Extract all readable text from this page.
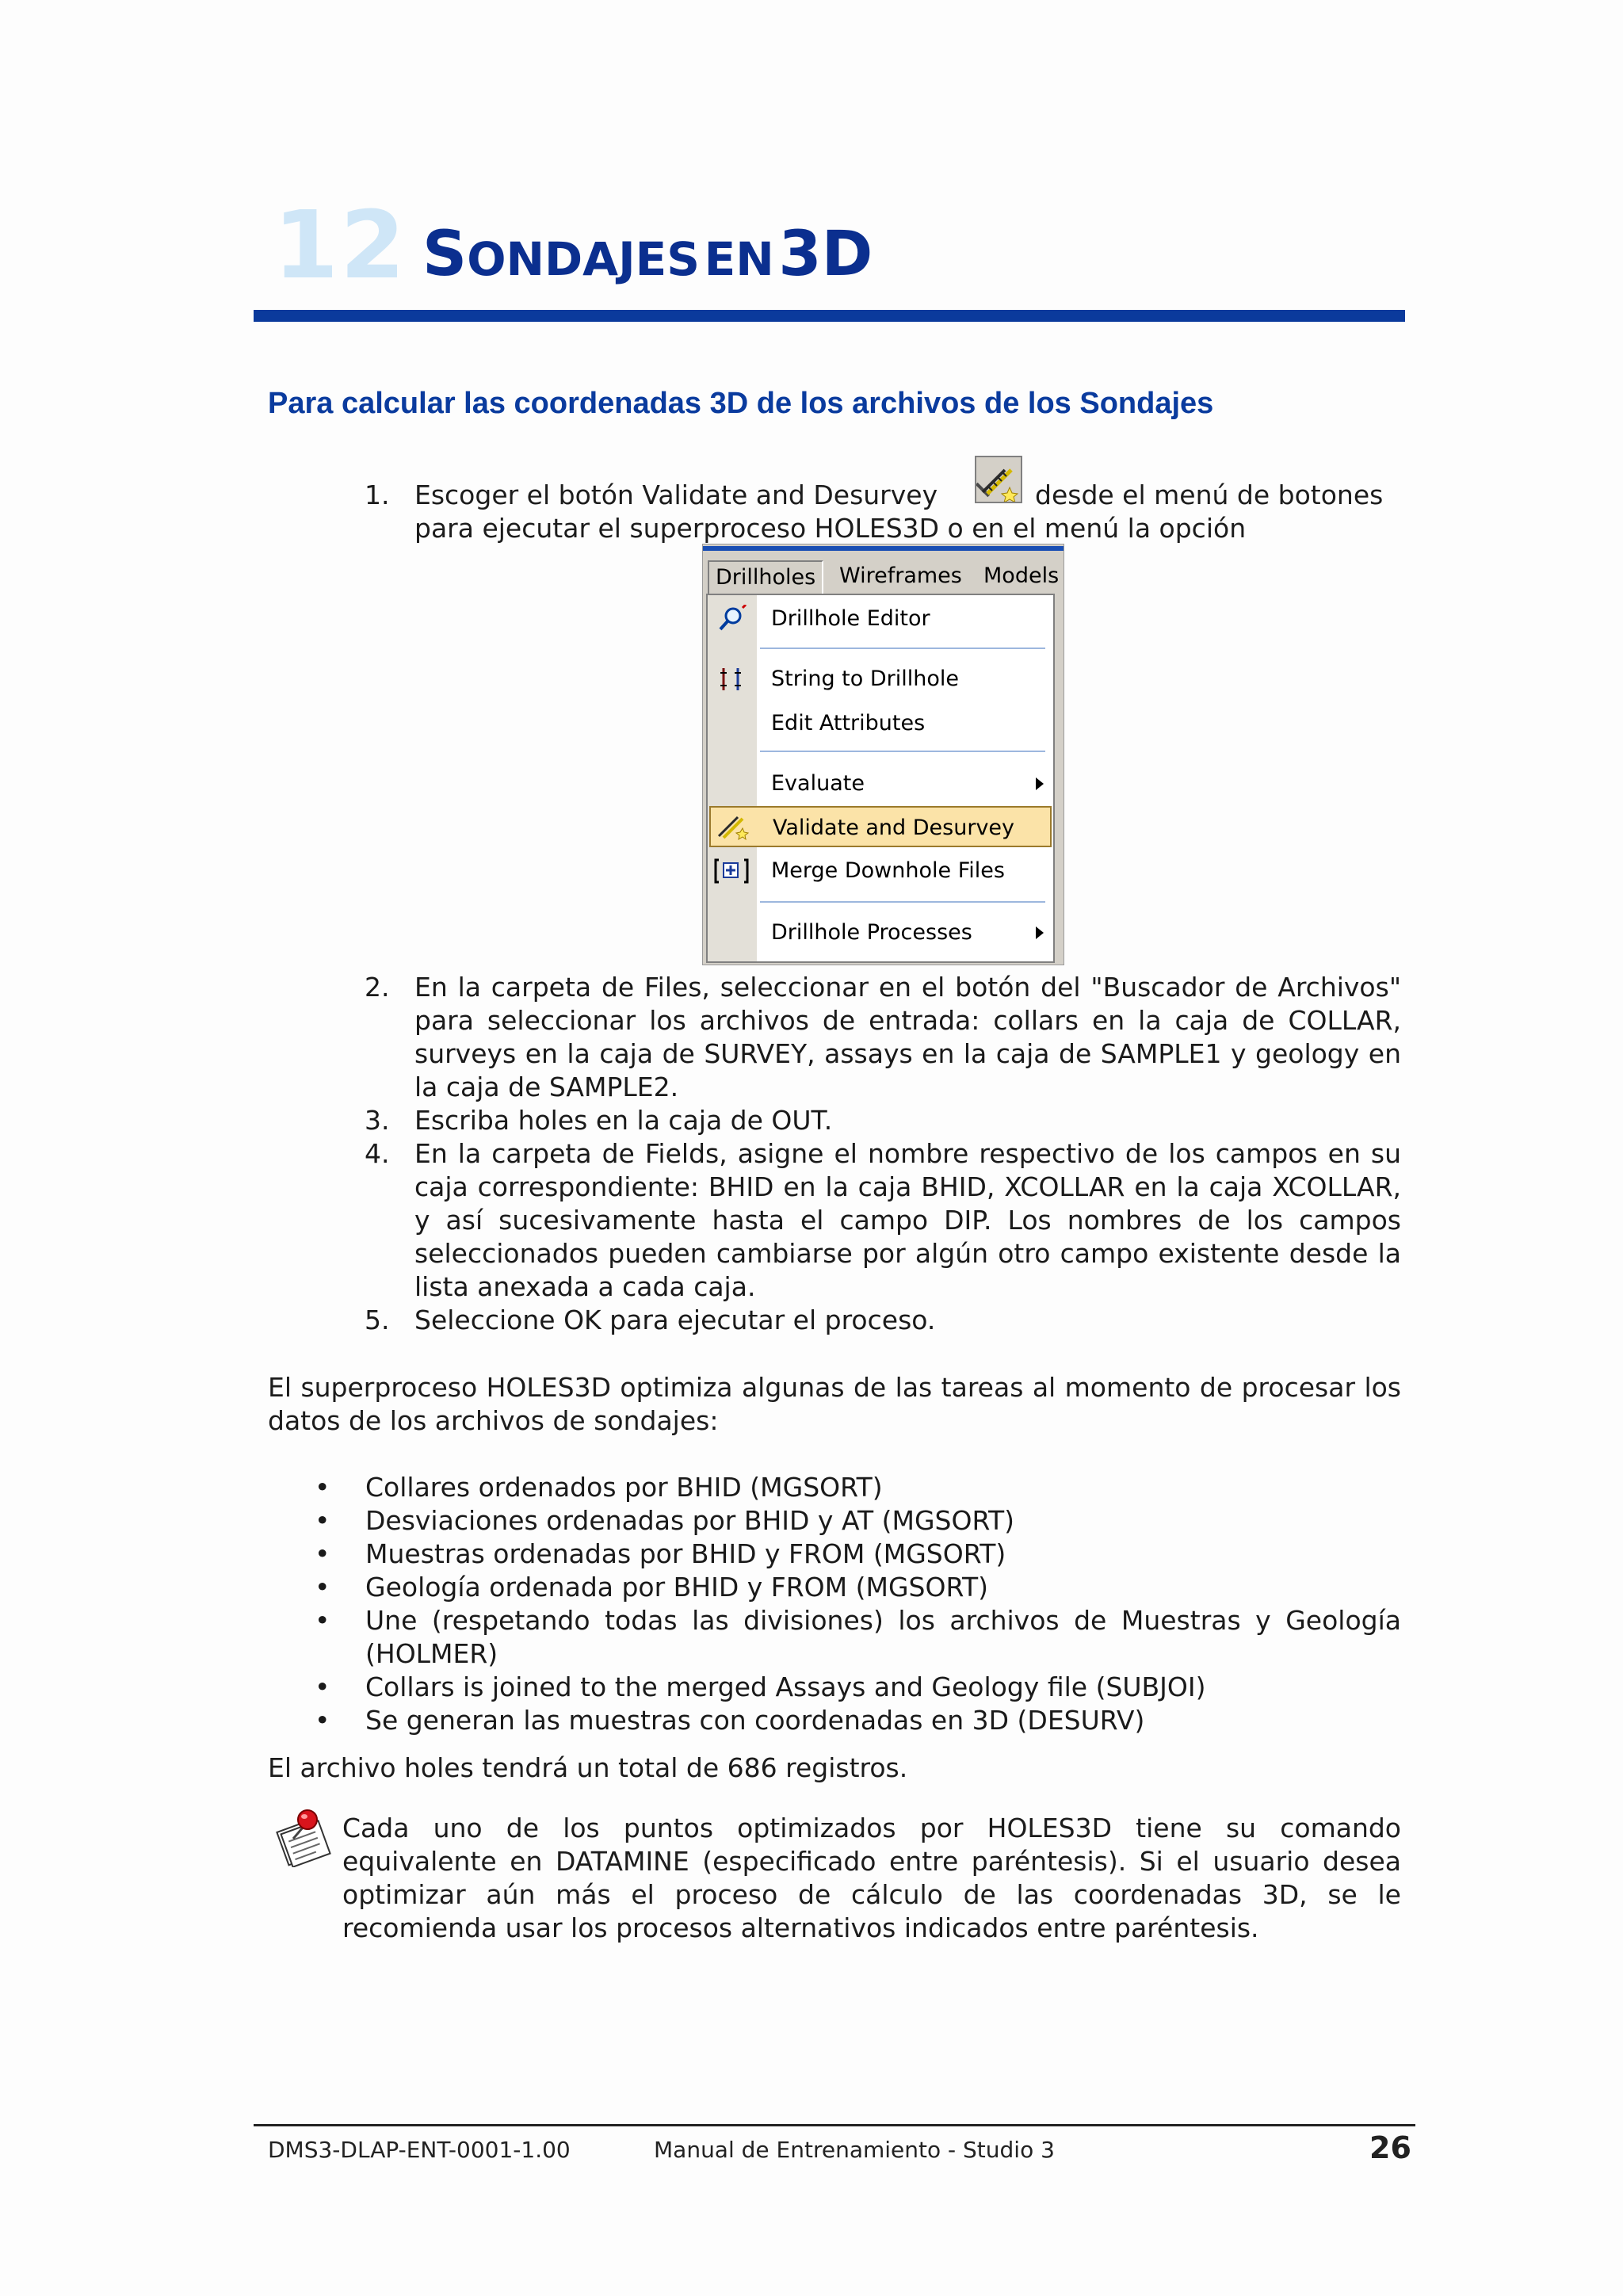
12 SONDAJES EN 3D
Para calcular las coordenadas 3D de los archivos de los Sondajes
1. Escoger el botón Validate and Desurvey	desde el menú de botones
para ejecutar el superproceso HOLES3D o en el menú la opción
Drillholes	Wireframes Models
Drillhole Editor
String to Drillhole
Edit Attributes
Evaluate
Validate and Desurvey
Merge Downhole Files
Drillhole Processes
2. En la carpeta de Files, seleccionar en el botón del "Buscador de Archivos" para seleccionar los archivos de entrada: collars en la caja de COLLAR, surveys en la caja de SURVEY, assays en la caja de SAMPLE1 y geology en la caja de SAMPLE2.
3. Escriba holes en la caja de OUT.
4. En la carpeta de Fields, asigne el nombre respectivo de los campos en su caja correspondiente: BHID en la caja BHID, XCOLLAR en la caja XCOLLAR, y así sucesivamente hasta el campo DIP. Los nombres de los campos seleccionados pueden cambiarse por algún otro campo existente desde la lista anexada a cada caja.
5. Seleccione OK para ejecutar el proceso.
El superproceso HOLES3D optimiza algunas de las tareas al momento de procesar los datos de los archivos de sondajes:
• Collares ordenados por BHID (MGSORT)
• Desviaciones ordenadas por BHID y AT (MGSORT)
• Muestras ordenadas por BHID y FROM (MGSORT)
• Geología ordenada por BHID y FROM (MGSORT)
• Une (respetando todas las divisiones) los archivos de Muestras y Geología (HOLMER)
• Collars is joined to the merged Assays and Geology file (SUBJOI)
• Se generan las muestras con coordenadas en 3D (DESURV)
El archivo holes tendrá un total de 686 registros.
Cada uno de los puntos optimizados por HOLES3D tiene su comando equivalente en DATAMINE (especificado entre paréntesis). Si el usuario desea optimizar aún más el proceso de cálculo de las coordenadas 3D, se le recomienda usar los procesos alternativos indicados entre paréntesis.
DMS3-DLAP-ENT-0001-1.00	Manual de Entrenamiento - Studio 3	26
